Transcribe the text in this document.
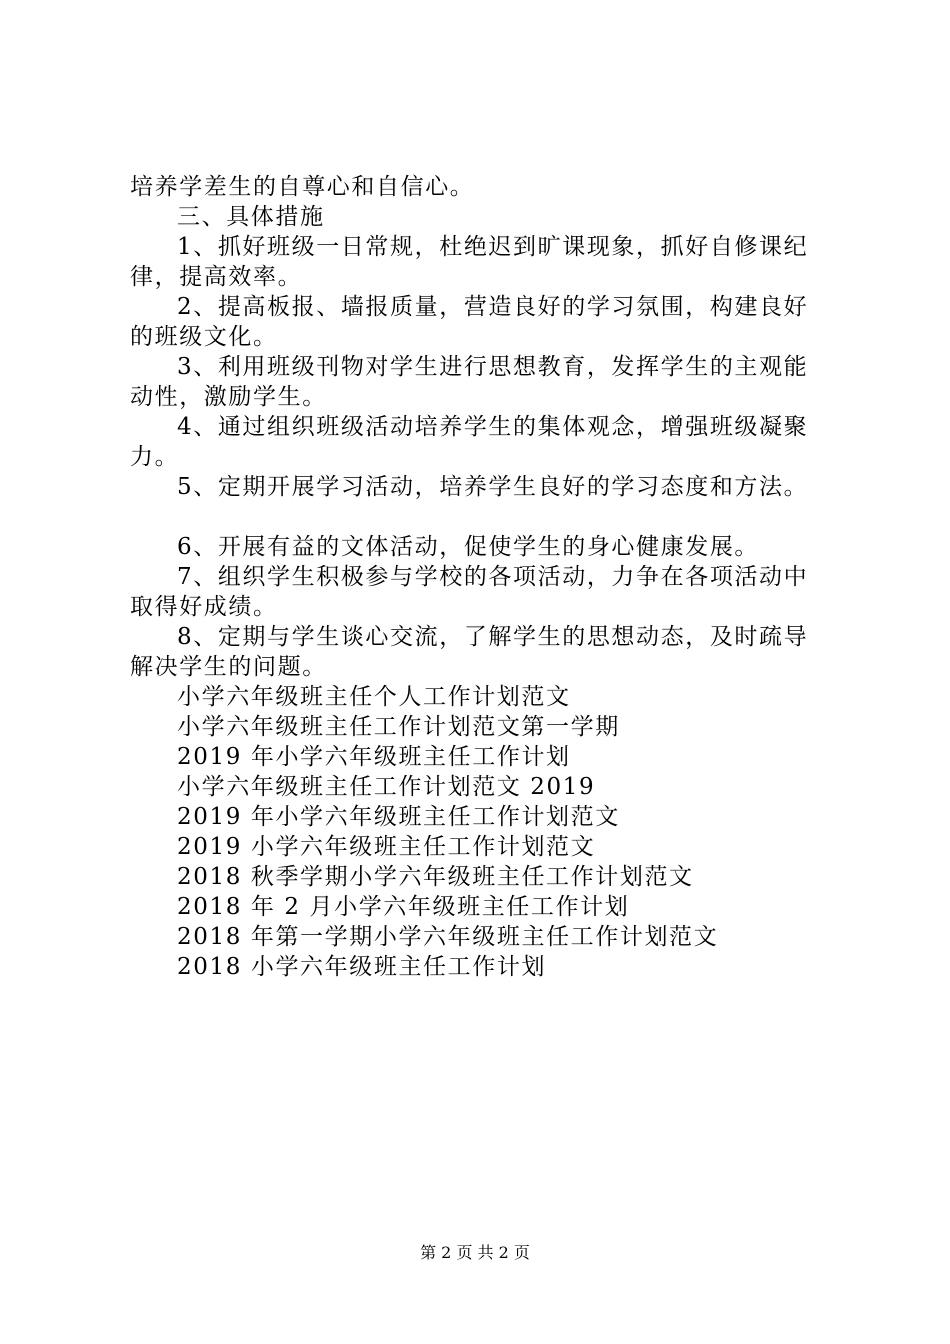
培养学差生的自尊心和自信心。
三、具体措施
1、抓好班级一日常规，杜绝迟到旷课现象，抓好自修课纪
律，提高效率。
2、提高板报、墙报质量，营造良好的学习氛围，构建良好
的班级文化。
3、利用班级刊物对学生进行思想教育，发挥学生的主观能
动性，激励学生。
4、通过组织班级活动培养学生的集体观念，增强班级凝聚
力。
5、定期开展学习活动，培养学生良好的学习态度和方法。
6、开展有益的文体活动，促使学生的身心健康发展。
7、组织学生积极参与学校的各项活动，力争在各项活动中
取得好成绩。
8、定期与学生谈心交流，了解学生的思想动态，及时疏导
解决学生的问题。
小学六年级班主任个人工作计划范文
小学六年级班主任工作计划范文第一学期
2019 年小学六年级班主任工作计划
小学六年级班主任工作计划范文 2019
2019 年小学六年级班主任工作计划范文
2019 小学六年级班主任工作计划范文
2018 秋季学期小学六年级班主任工作计划范文
2018 年 2 月小学六年级班主任工作计划
2018 年第一学期小学六年级班主任工作计划范文
2018 小学六年级班主任工作计划
第 2 页 共 2 页
